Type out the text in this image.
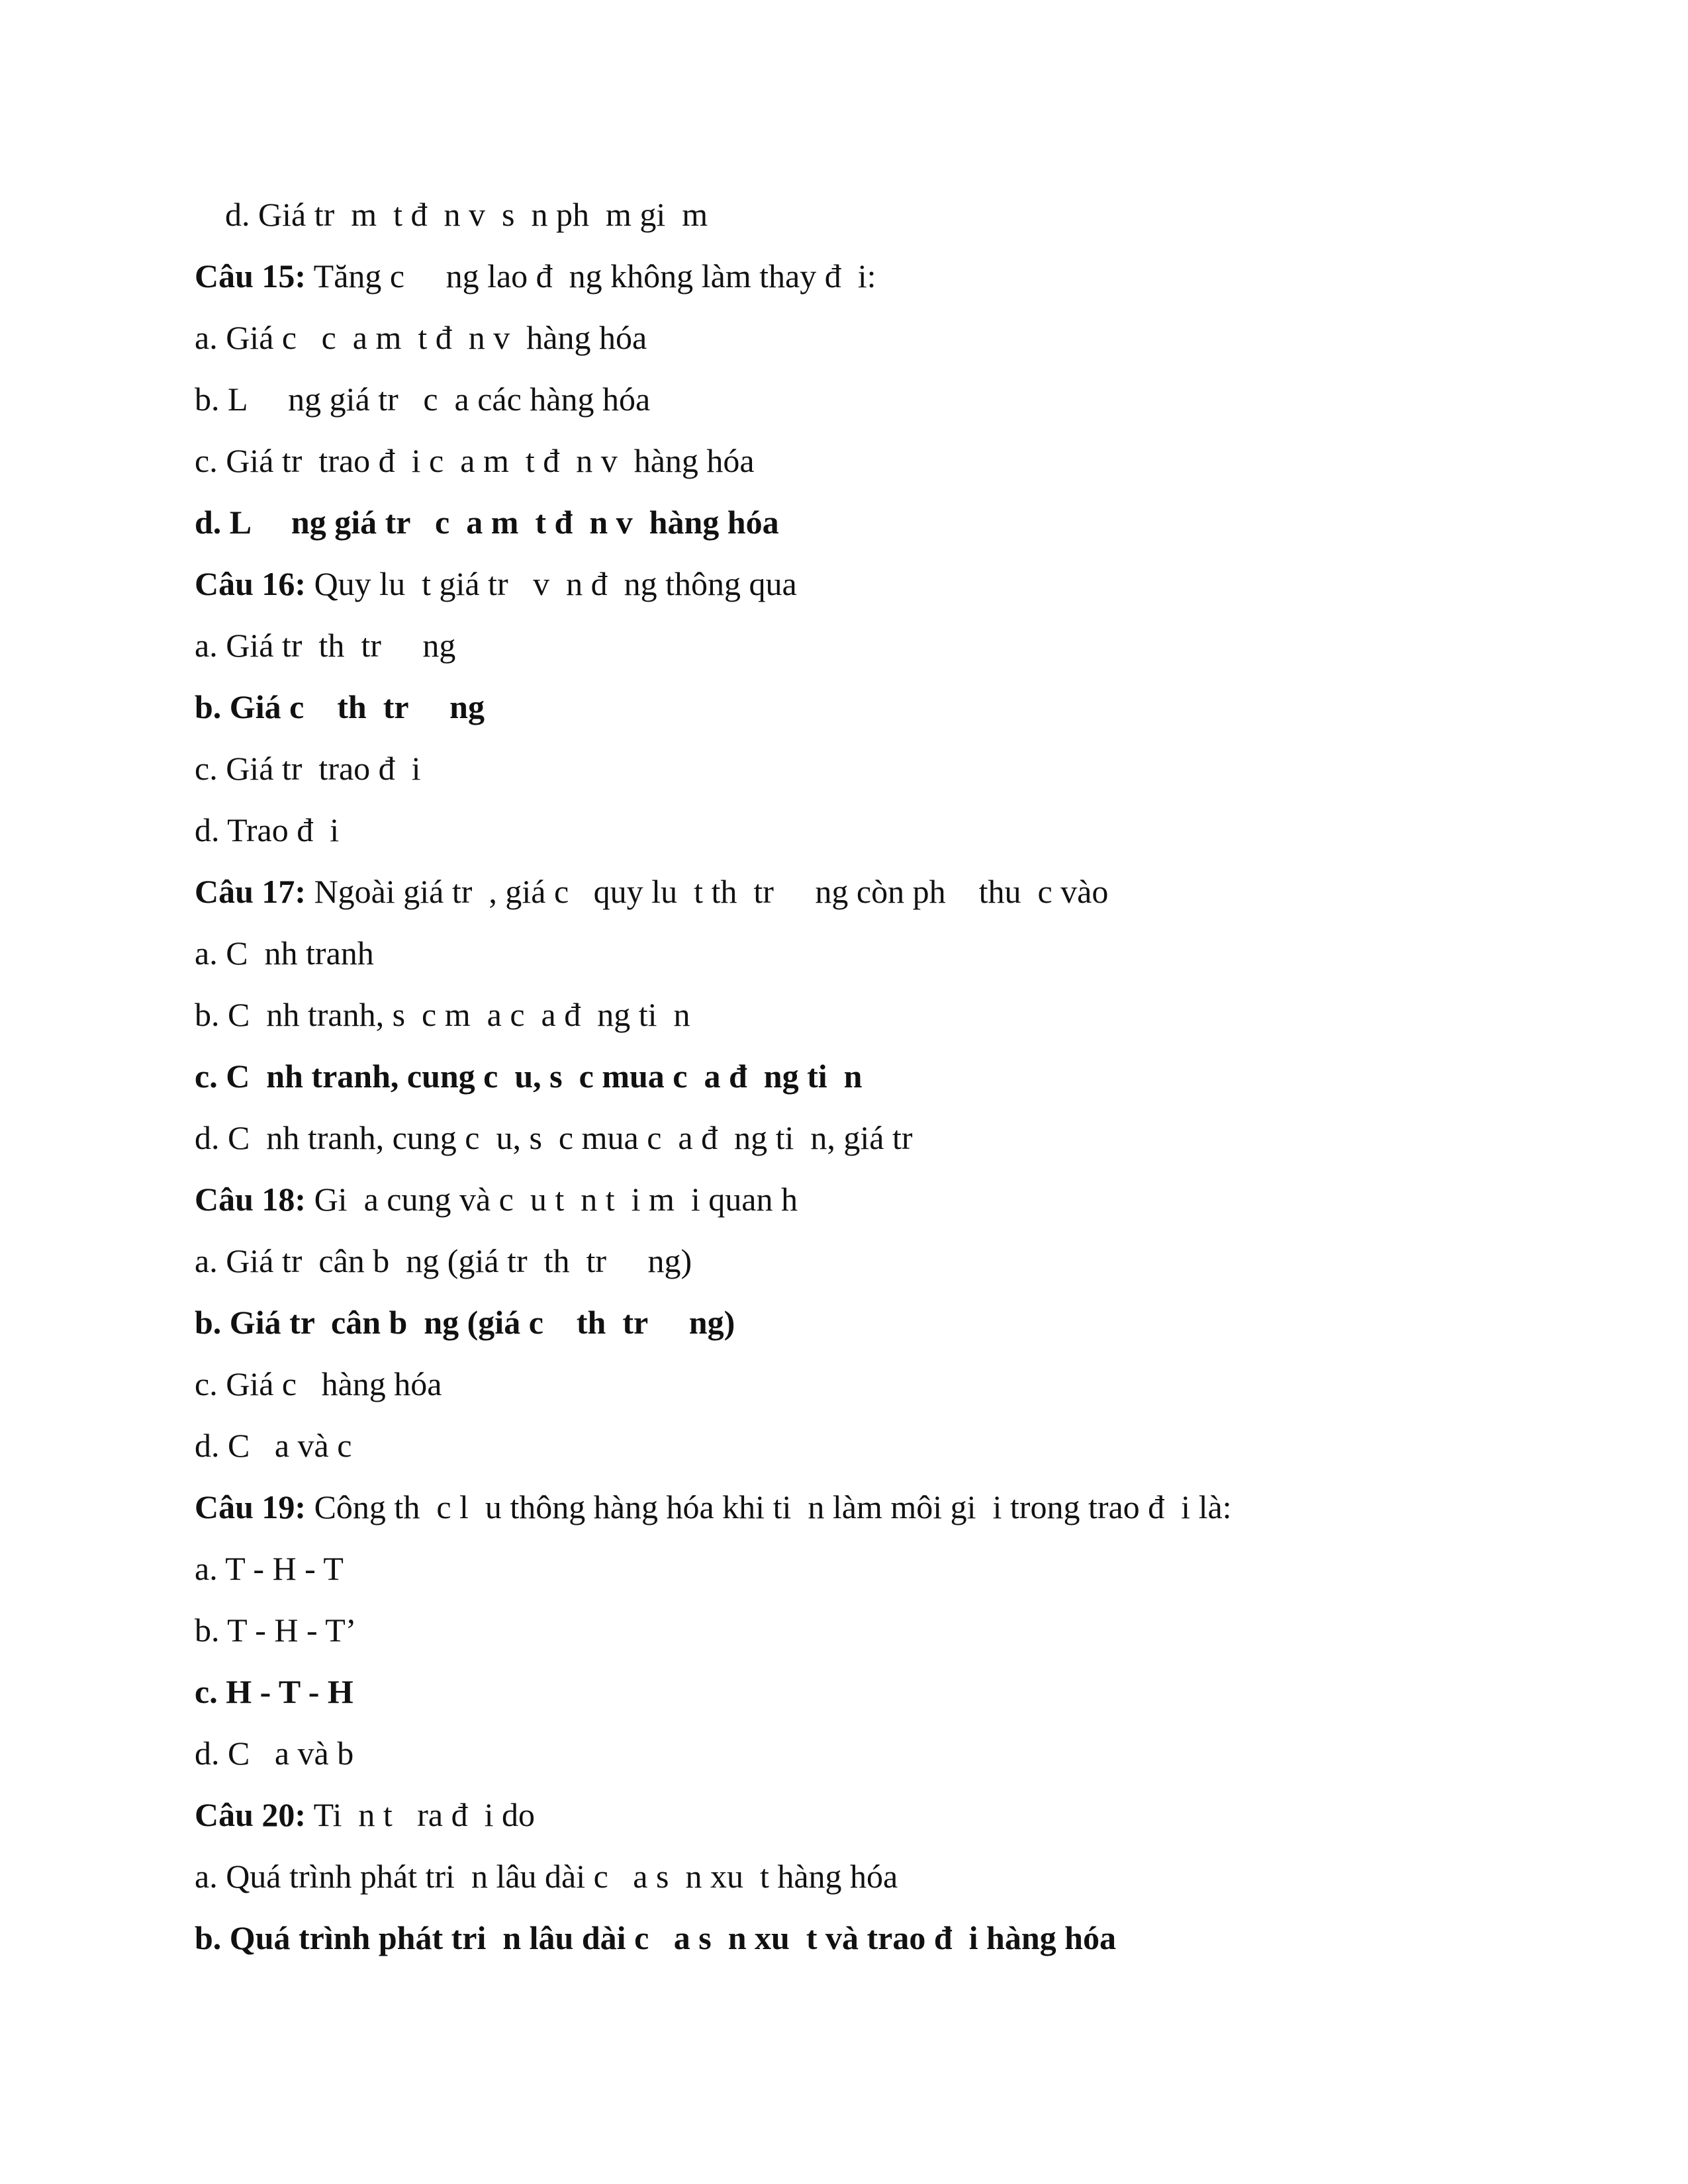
d. Giá tr  m  t đ  n v  s  n ph  m gi  m
Câu 15: Tăng c     ng lao đ  ng không làm thay đ  i:
a. Giá c   c  a m  t đ  n v  hàng hóa
b. L     ng giá tr   c  a các hàng hóa
c. Giá tr  trao đ  i c  a m  t đ  n v  hàng hóa
d. L     ng giá tr   c  a m  t đ  n v  hàng hóa
Câu 16: Quy lu  t giá tr   v  n đ  ng thông qua
a. Giá tr  th  tr     ng
b. Giá c    th  tr     ng
c. Giá tr  trao đ  i
d. Trao đ  i
Câu 17: Ngoài giá tr  , giá c   quy lu  t th  tr     ng còn ph    thu  c vào
a. C  nh tranh
b. C  nh tranh, s  c m  a c  a đ  ng ti  n
c. C  nh tranh, cung c  u, s  c mua c  a đ  ng ti  n
d. C  nh tranh, cung c  u, s  c mua c  a đ  ng ti  n, giá tr
Câu 18: Gi  a cung và c  u t  n t  i m  i quan h
a. Giá tr  cân b  ng (giá tr  th  tr     ng)
b. Giá tr  cân b  ng (giá c    th  tr     ng)
c. Giá c   hàng hóa
d. C   a và c
Câu 19: Công th  c l  u thông hàng hóa khi ti  n làm môi gi  i trong trao đ  i là:
a. T - H - T
b. T - H - T’
c. H - T - H
d. C   a và b
Câu 20: Ti  n t   ra đ  i do
a. Quá trình phát tri  n lâu dài c   a s  n xu  t hàng hóa
b. Quá trình phát tri  n lâu dài c   a s  n xu  t và trao đ  i hàng hóa
